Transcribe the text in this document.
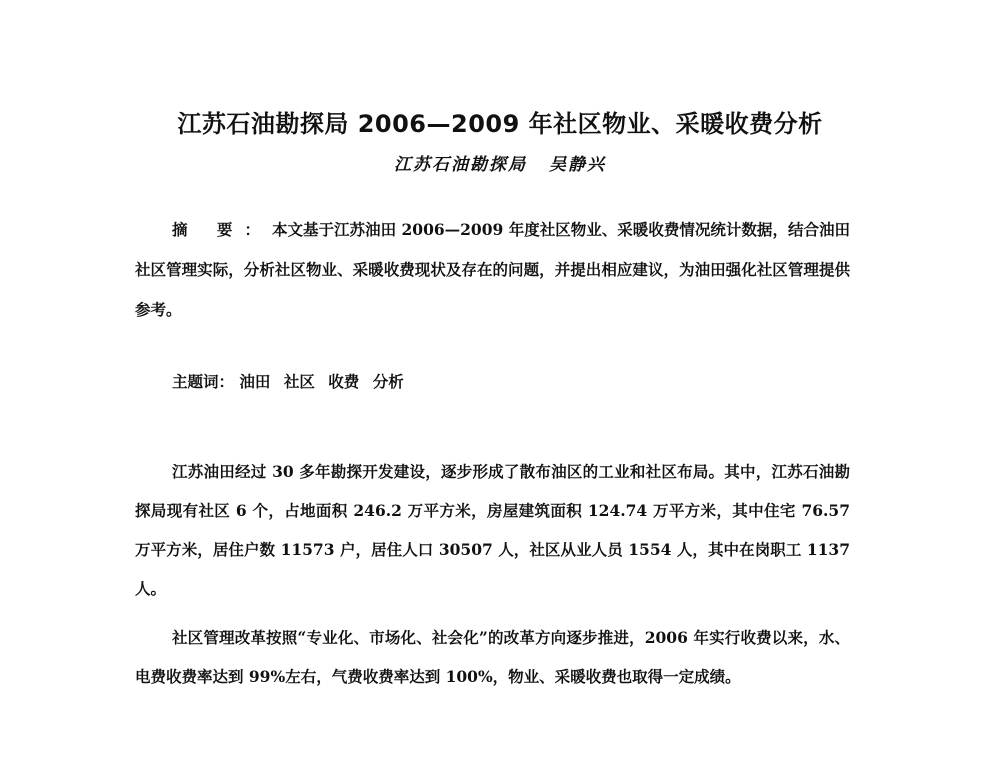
江苏石油勘探局 2006—2009 年社区物业、采暖收费分析

江苏石油勘探局 吴静兴

摘 要：本文基于江苏油田 2006—2009 年度社区物业、采暖收费情况统计数据，结合油田社区管理实际，分析社区物业、采暖收费现状及存在的问题，并提出相应建议，为油田强化社区管理提供参考。

主题词： 油田 社区 收费 分析

江苏油田经过 30 多年勘探开发建设，逐步形成了散布油区的工业和社区布局。其中，江苏石油勘探局现有社区 6 个，占地面积 246.2 万平方米，房屋建筑面积 124.74 万平方米，其中住宅 76.57 万平方米，居住户数 11573 户，居住人口 30507 人，社区从业人员 1554 人，其中在岗职工 1137 人。

社区管理改革按照“专业化、市场化、社会化”的改革方向逐步推进，2006 年实行收费以来，水、电费收费率达到 99%左右，气费收费率达到 100%，物业、采暖收费也取得一定成绩。
